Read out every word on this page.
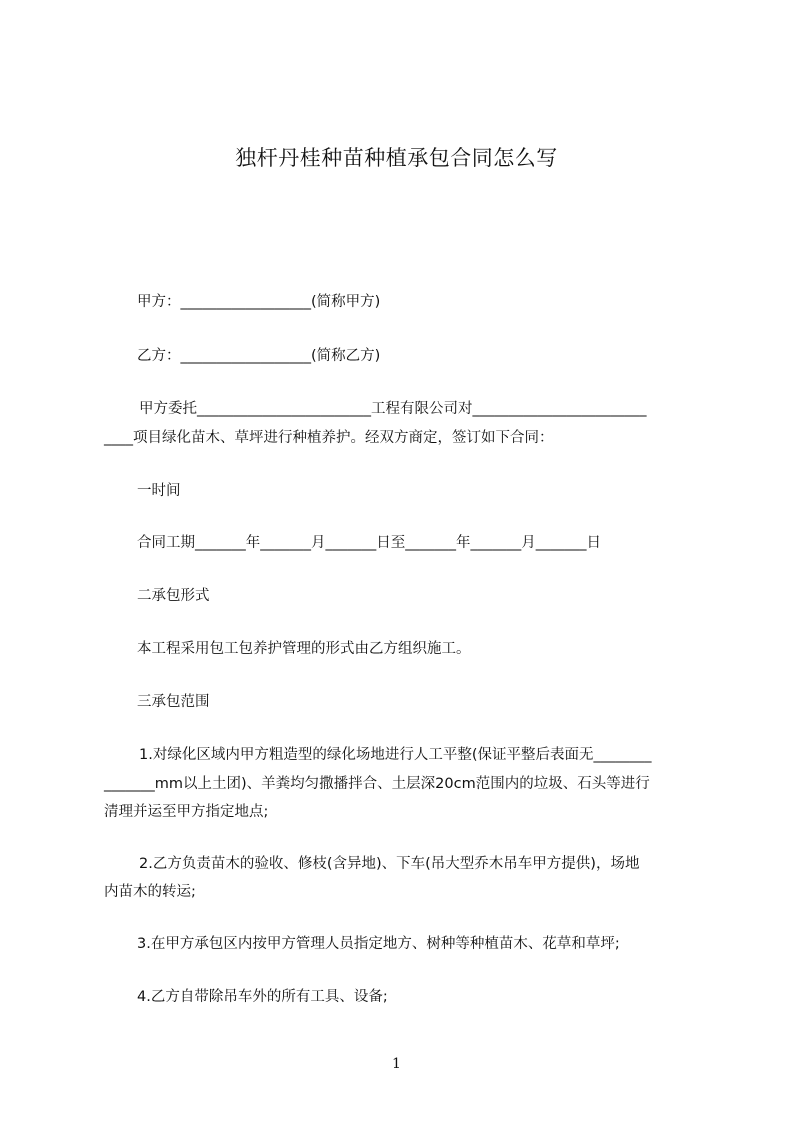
独杆丹桂种苗种植承包合同怎么写
甲方：__________________(简称甲方)
乙方：__________________(简称乙方)
甲方委托________________________工程有限公司对________________________
____项目绿化苗木、草坪进行种植养护。经双方商定，签订如下合同：
一时间
合同工期_______年_______月_______日至_______年_______月_______日
二承包形式
本工程采用包工包养护管理的形式由乙方组织施工。
三承包范围
1.对绿化区域内甲方粗造型的绿化场地进行人工平整(保证平整后表面无________
_______mm以上土团)、羊粪均匀撒播拌合、土层深20cm范围内的垃圾、石头等进行
清理并运至甲方指定地点;
2.乙方负责苗木的验收、修枝(含异地)、下车(吊大型乔木吊车甲方提供)，场地
内苗木的转运;
3.在甲方承包区内按甲方管理人员指定地方、树种等种植苗木、花草和草坪;
4.乙方自带除吊车外的所有工具、设备;
1
